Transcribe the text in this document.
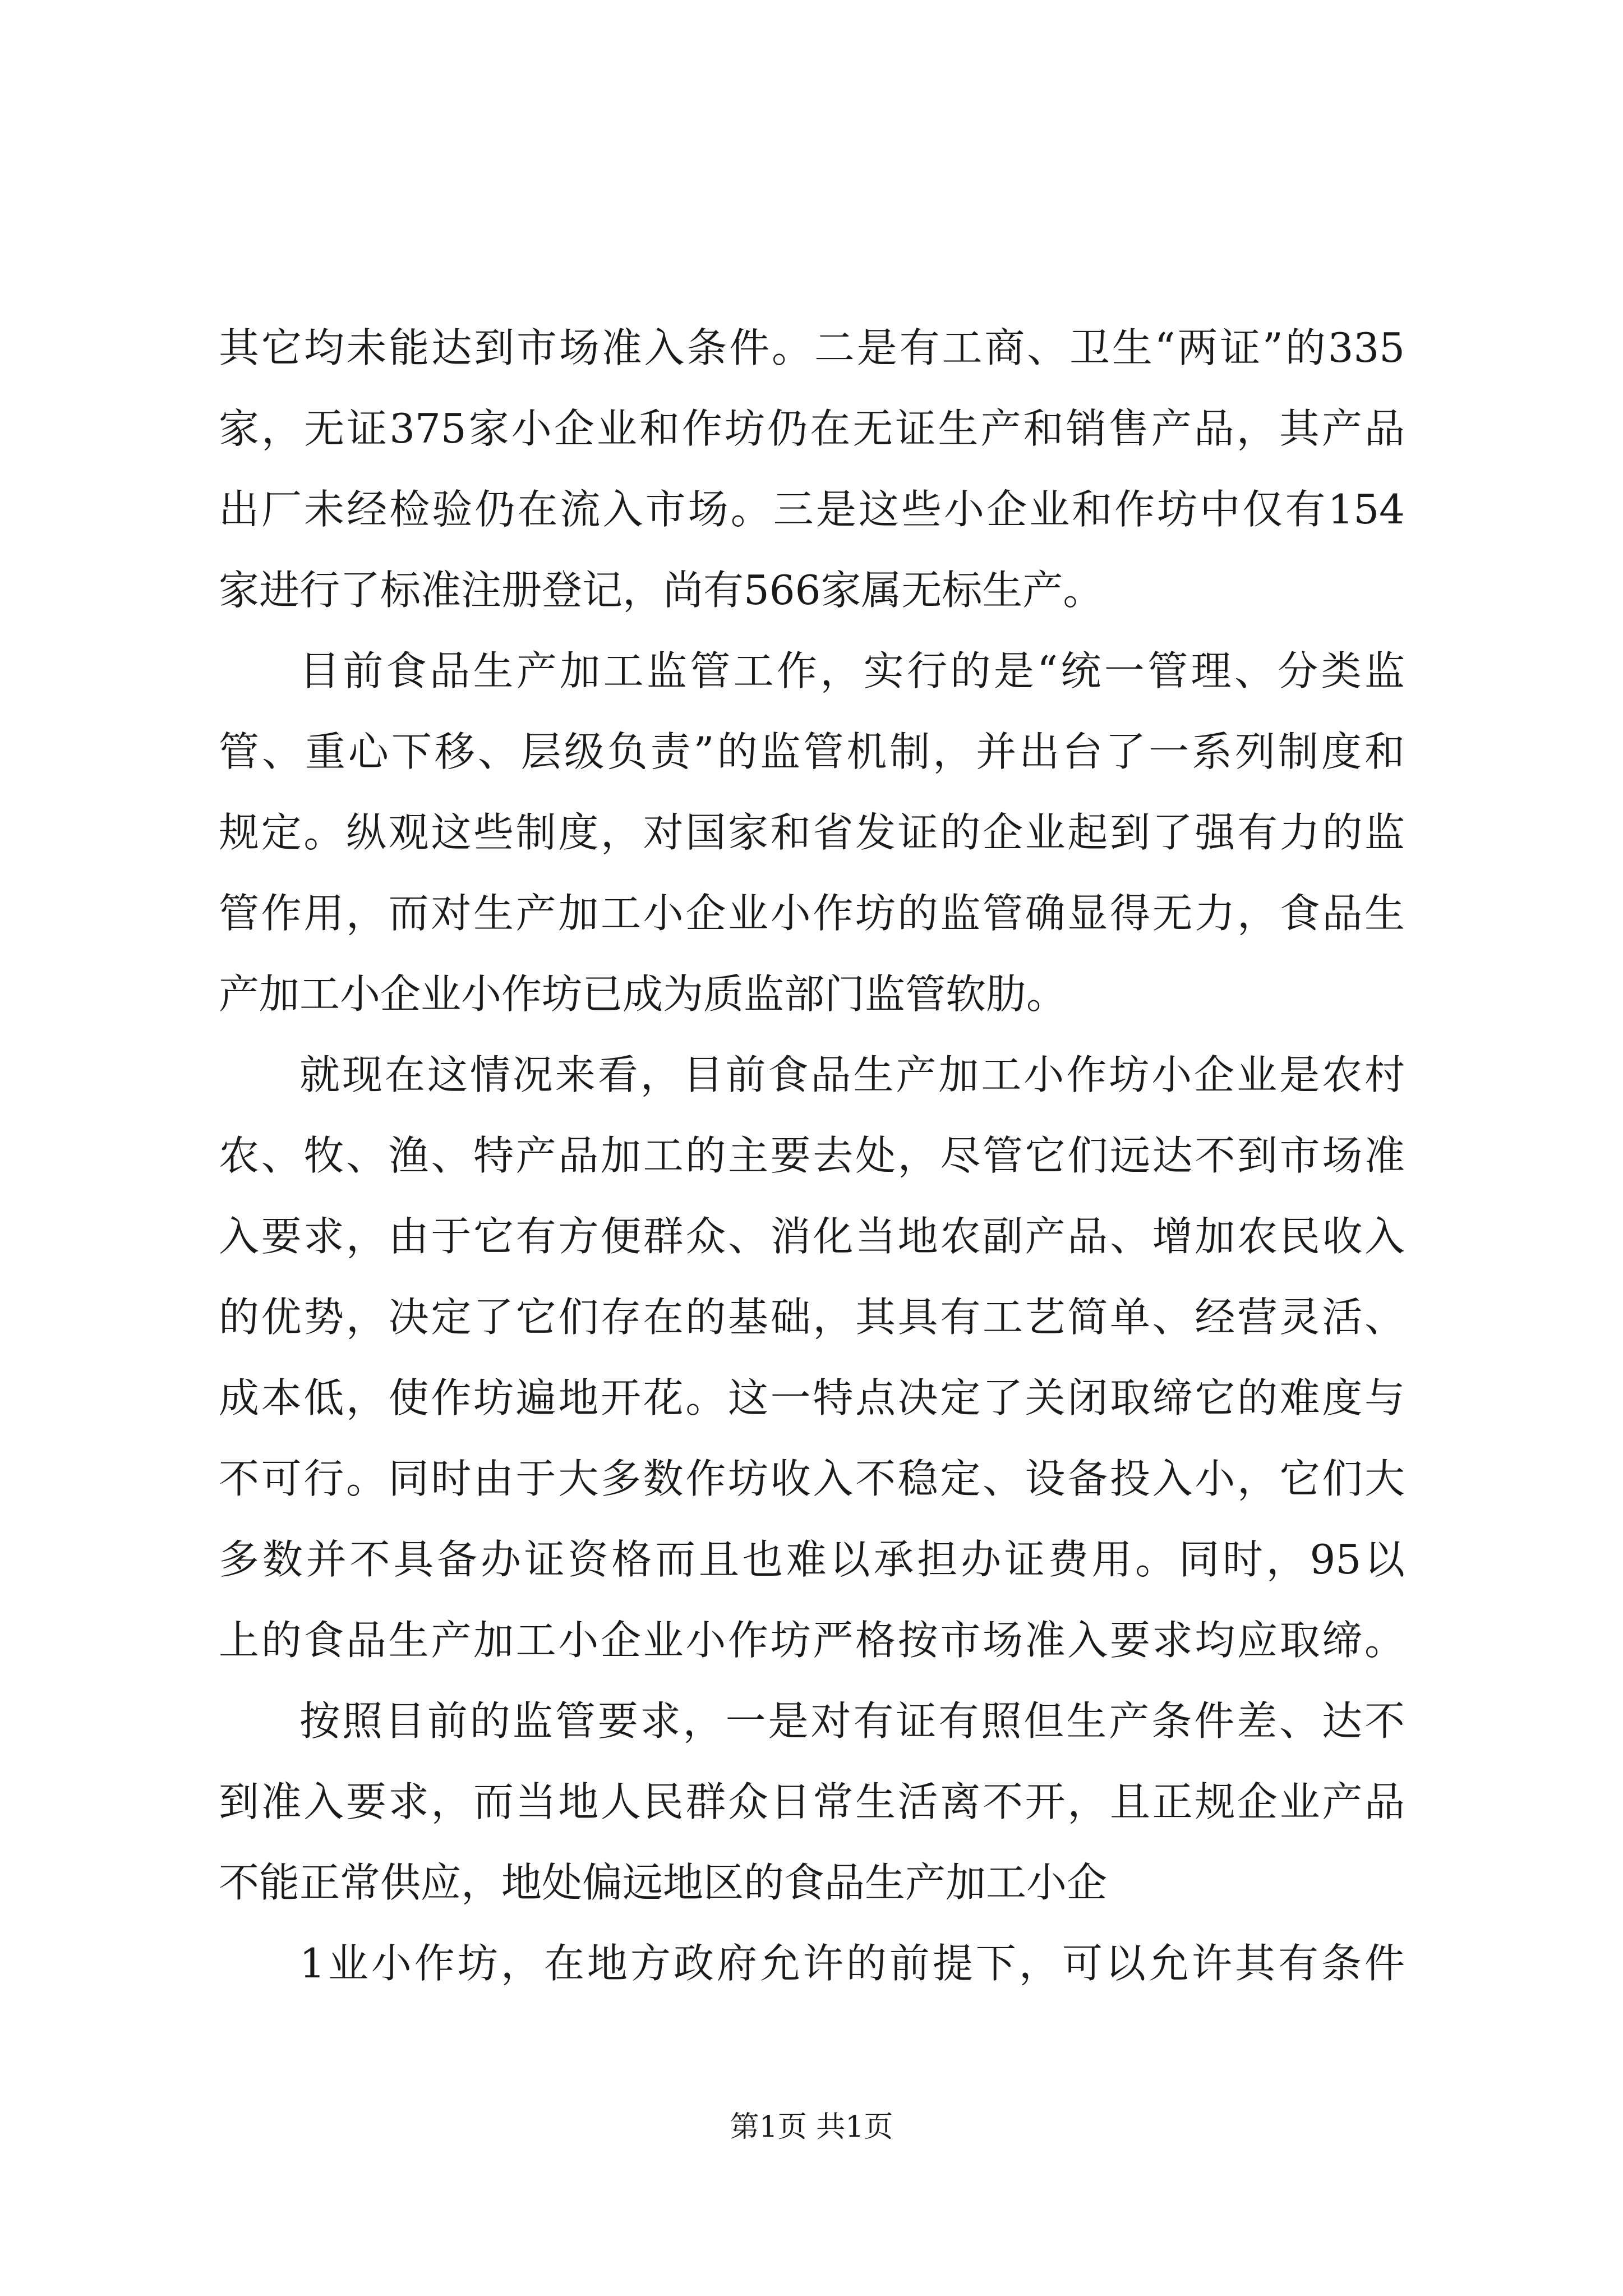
其它均未能达到市场准入条件。二是有工商、卫生“两证”的335
家，无证375家小企业和作坊仍在无证生产和销售产品，其产品
出厂未经检验仍在流入市场。三是这些小企业和作坊中仅有154
家进行了标准注册登记，尚有566家属无标生产。
目前食品生产加工监管工作，实行的是“统一管理、分类监
管、重心下移、层级负责”的监管机制，并出台了一系列制度和
规定。纵观这些制度，对国家和省发证的企业起到了强有力的监
管作用，而对生产加工小企业小作坊的监管确显得无力，食品生
产加工小企业小作坊已成为质监部门监管软肋。
就现在这情况来看，目前食品生产加工小作坊小企业是农村
农、牧、渔、特产品加工的主要去处，尽管它们远达不到市场准
入要求，由于它有方便群众、消化当地农副产品、增加农民收入
的优势，决定了它们存在的基础，其具有工艺简单、经营灵活、
成本低，使作坊遍地开花。这一特点决定了关闭取缔它的难度与
不可行。同时由于大多数作坊收入不稳定、设备投入小，它们大
多数并不具备办证资格而且也难以承担办证费用。同时，95以
上的食品生产加工小企业小作坊严格按市场准入要求均应取缔。
按照目前的监管要求，一是对有证有照但生产条件差、达不
到准入要求，而当地人民群众日常生活离不开，且正规企业产品
不能正常供应，地处偏远地区的食品生产加工小企
1业小作坊，在地方政府允许的前提下，可以允许其有条件
第1页 共1页
